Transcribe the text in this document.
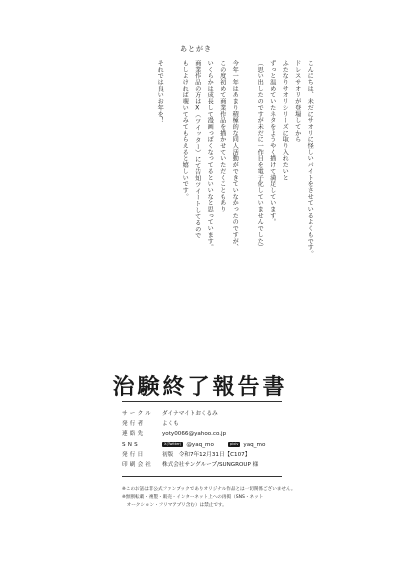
あとがき
こんにちは、未だにサオリに怪しいバイトをさせているよくもです。
ドレスサオリが登場してから
ふたなりサオリシリーズに取り入れたいと
ずっと温めていたネタをようやく描けて満足しています。
（思い出したのですが未だに一作目を電子化していませんでした）
今年一年はあまり積極的な同人活動ができていなかったのですが、
この度初めて商業作品を描かせていただくこともあり
いくらかは成長して漫画っぽくなってるといいなと思っています。
商業作品の方はX（ツイッター）にて告知ツイートしてるので
もしよければ覗いてみてもらえると嬉しいです。
それでは良いお年を！
治験終了報告書
サークル	ダイナマイトおくるみ
発行者	よくも
連絡先	yoty0066@yahoo.co.jp
SNS	X(Twitter) @yaq_mo	pixiv yaq_mo
発行日	初版　令和7年12月31日【C107】
印刷会社	株式会社サングループ/SUNGROUP 様
※このお話は非公式ファンブックでありオリジナル作品とは一切関係ございません。
※無断転載・複製・販売・インターネット上への再掲（SNS・ネット
　オークション・フリマアプリ含む）は禁止です。
